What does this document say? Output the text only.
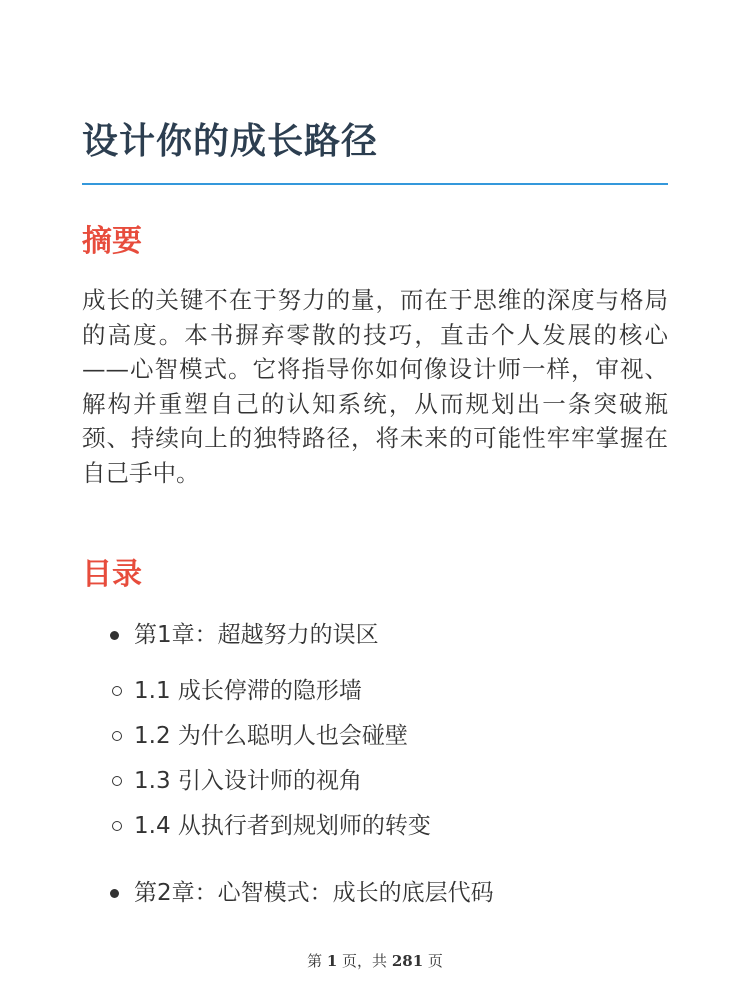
设计你的成长路径
摘要

成长的关键不在于努力的量，而在于思维的深度与格局的高度。本书摒弃零散的技巧，直击个人发展的核心——心智模式。它将指导你如何像设计师一样，审视、解构并重塑自己的认知系统，从而规划出一条突破瓶颈、持续向上的独特路径，将未来的可能性牢牢掌握在自己手中。

目录
第1章：超越努力的误区
1.1 成长停滞的隐形墙
1.2 为什么聪明人也会碰壁
1.3 引入设计师的视角
1.4 从执行者到规划师的转变
第2章：心智模式：成长的底层代码
第 1 页，共 281 页
